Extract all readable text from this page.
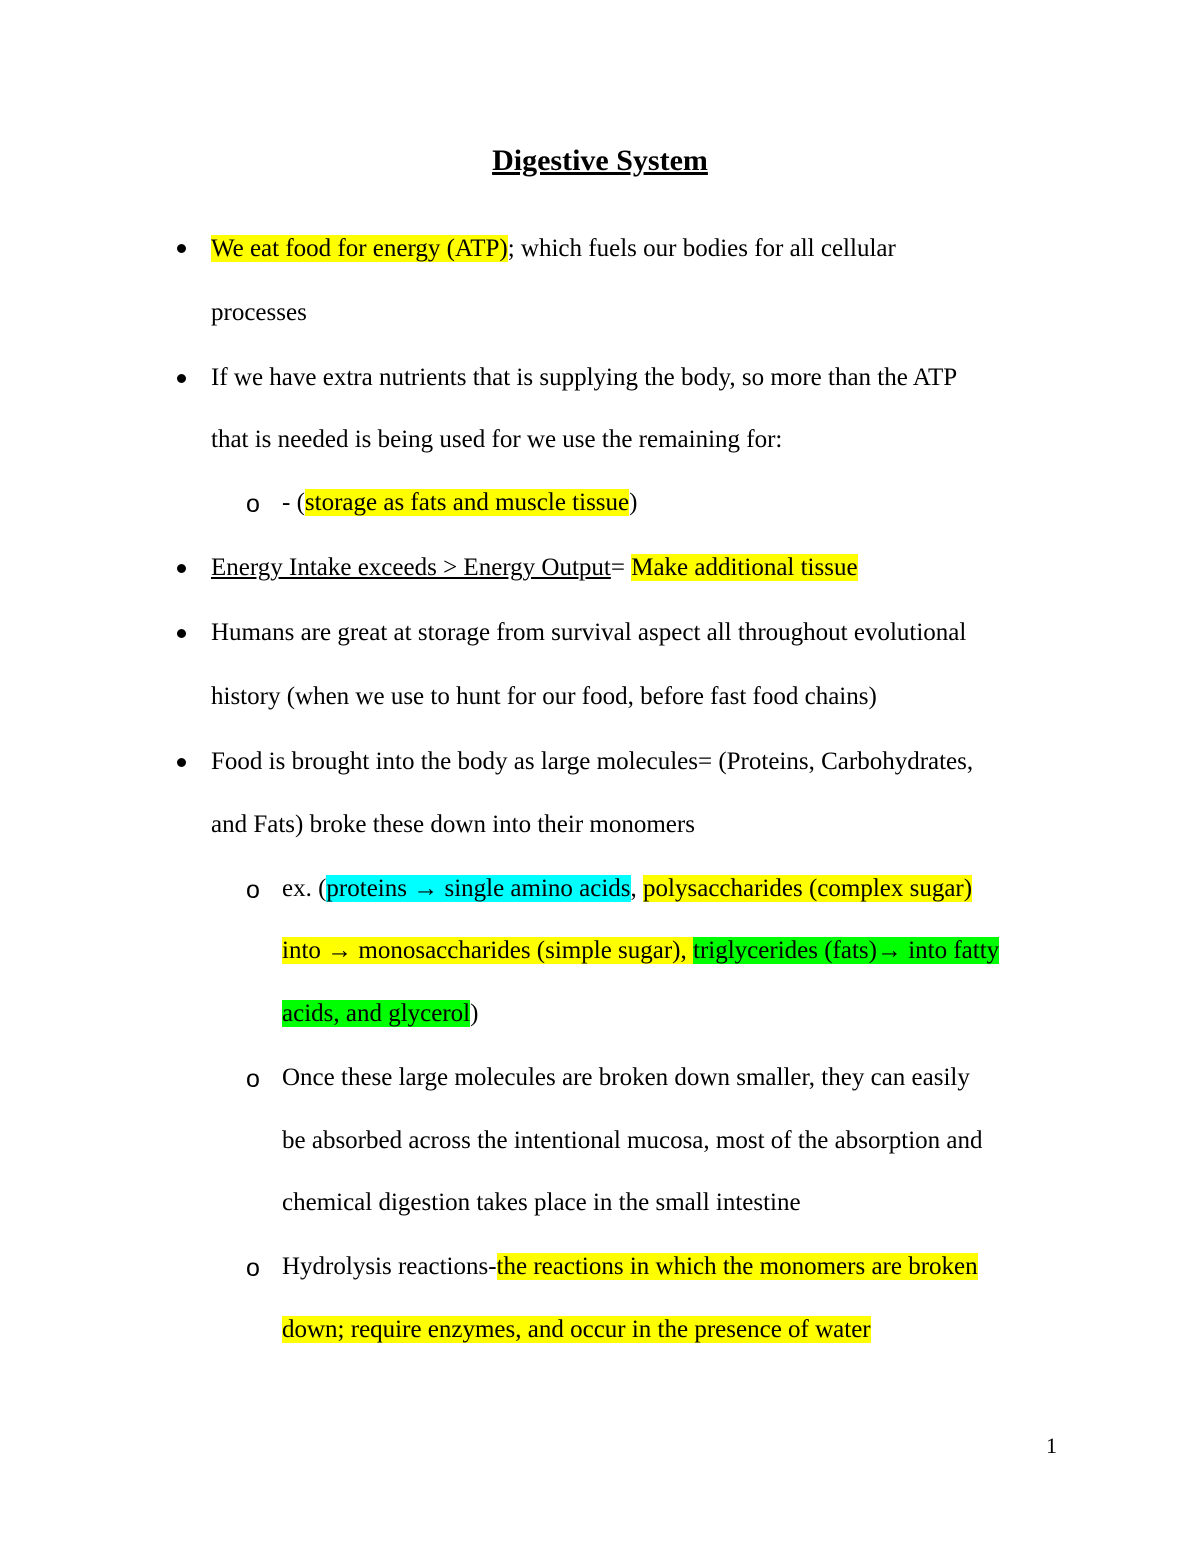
Digestive System
We eat food for energy (ATP); which fuels our bodies for all cellular
processes
If we have extra nutrients that is supplying the body, so more than the ATP
that is needed is being used for we use the remaining for:
o - (storage as fats and muscle tissue)
Energy Intake exceeds > Energy Output= Make additional tissue
Humans are great at storage from survival aspect all throughout evolutional
history (when we use to hunt for our food, before fast food chains)
Food is brought into the body as large molecules= (Proteins, Carbohydrates,
and Fats) broke these down into their monomers
o ex. (proteins → single amino acids, polysaccharides (complex sugar)
into → monosaccharides (simple sugar), triglycerides (fats)→ into fatty
acids, and glycerol)
o Once these large molecules are broken down smaller, they can easily
be absorbed across the intentional mucosa, most of the absorption and
chemical digestion takes place in the small intestine
o Hydrolysis reactions-the reactions in which the monomers are broken
down; require enzymes, and occur in the presence of water
1
